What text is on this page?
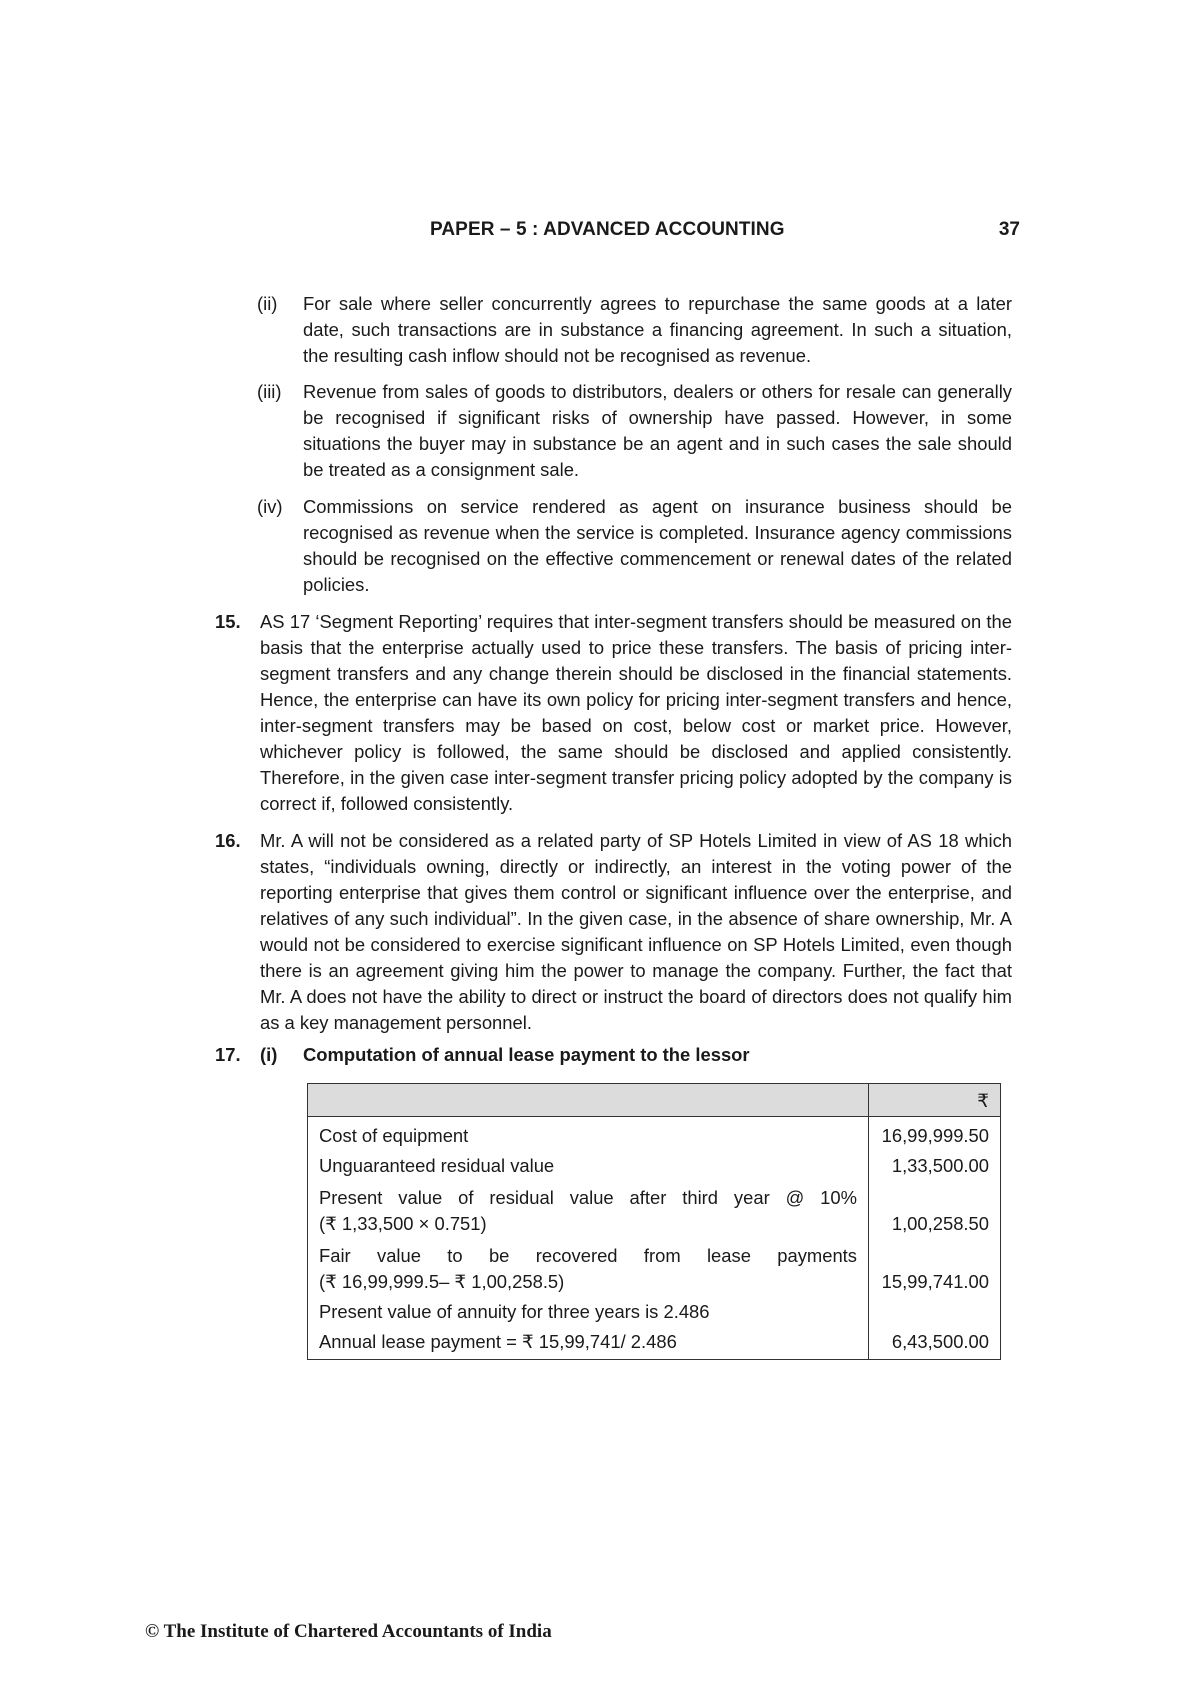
PAPER – 5 : ADVANCED ACCOUNTING	37
(ii) For sale where seller concurrently agrees to repurchase the same goods at a later date, such transactions are in substance a financing agreement. In such a situation, the resulting cash inflow should not be recognised as revenue.
(iii) Revenue from sales of goods to distributors, dealers or others for resale can generally be recognised if significant risks of ownership have passed. However, in some situations the buyer may in substance be an agent and in such cases the sale should be treated as a consignment sale.
(iv) Commissions on service rendered as agent on insurance business should be recognised as revenue when the service is completed. Insurance agency commissions should be recognised on the effective commencement or renewal dates of the related policies.
15. AS 17 ‘Segment Reporting’ requires that inter-segment transfers should be measured on the basis that the enterprise actually used to price these transfers. The basis of pricing inter-segment transfers and any change therein should be disclosed in the financial statements. Hence, the enterprise can have its own policy for pricing inter-segment transfers and hence, inter-segment transfers may be based on cost, below cost or market price. However, whichever policy is followed, the same should be disclosed and applied consistently. Therefore, in the given case inter-segment transfer pricing policy adopted by the company is correct if, followed consistently.
16. Mr. A will not be considered as a related party of SP Hotels Limited in view of AS 18 which states, “individuals owning, directly or indirectly, an interest in the voting power of the reporting enterprise that gives them control or significant influence over the enterprise, and relatives of any such individual”. In the given case, in the absence of share ownership, Mr. A would not be considered to exercise significant influence on SP Hotels Limited, even though there is an agreement giving him the power to manage the company. Further, the fact that Mr. A does not have the ability to direct or instruct the board of directors does not qualify him as a key management personnel.
17. (i) Computation of annual lease payment to the lessor
	₹
Cost of equipment	16,99,999.50
Unguaranteed residual value	1,33,500.00

Present value of residual value after third year @ 10%
(₹ 1,33,500 × 0.751)	1,00,258.50

Fair value to be recovered from lease payments
(₹ 16,99,999.5– ₹ 1,00,258.5)	15,99,741.00
Present value of annuity for three years is 2.486	
Annual lease payment = ₹ 15,99,741/ 2.486	6,43,500.00
© The Institute of Chartered Accountants of India
